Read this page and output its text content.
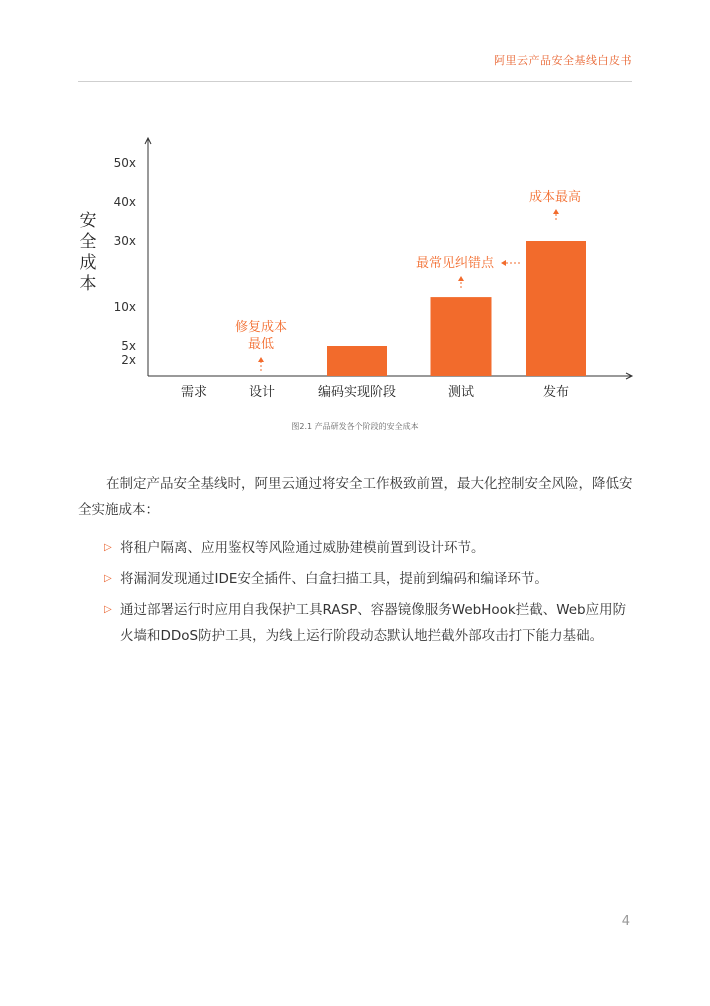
阿里云产品安全基线白皮书
安
全
成
本
2x
5x
10x
30x
40x
50x
需求	设计	编码实现阶段	测试	发布
修复成本
最低
最常见纠错点
成本最高
图2.1 产品研发各个阶段的安全成本

在制定产品安全基线时，阿里云通过将安全工作极致前置，最大化控制安全风险，降低安全实施成本：

▷ 将租户隔离、应用鉴权等风险通过威胁建模前置到设计环节。
▷ 将漏洞发现通过IDE安全插件、白盒扫描工具，提前到编码和编译环节。
▷ 通过部署运行时应用自我保护工具RASP、容器镜像服务WebHook拦截、Web应用防火墙和DDoS防护工具，为线上运行阶段动态默认地拦截外部攻击打下能力基础。
4
